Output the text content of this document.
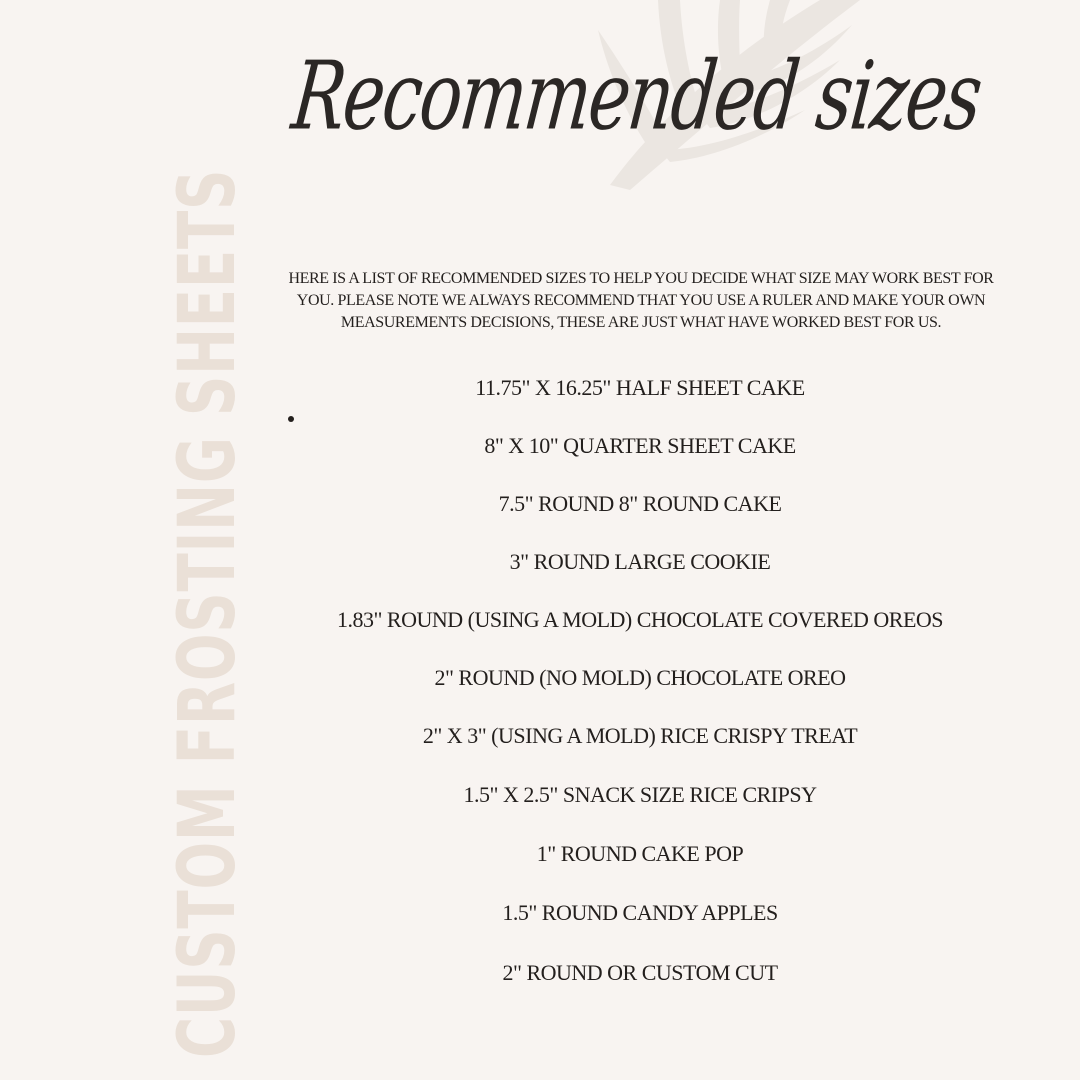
Recommended sizes
CUSTOM FROSTING SHEETS	HERE IS A LIST OF RECOMMENDED SIZES TO HELP YOU DECIDE WHAT SIZE MAY WORK BEST FOR YOU. PLEASE NOTE WE ALWAYS RECOMMEND THAT YOU USE A RULER AND MAKE YOUR OWN MEASUREMENTS DECISIONS, THESE ARE JUST WHAT HAVE WORKED BEST FOR US.

11.75" X 16.25" HALF SHEET CAKE
8" X 10" QUARTER SHEET CAKE
7.5" ROUND 8" ROUND CAKE
3" ROUND LARGE COOKIE
1.83" ROUND (USING A MOLD) CHOCOLATE COVERED OREOS
2" ROUND (NO MOLD) CHOCOLATE OREO
2" X 3" (USING A MOLD) RICE CRISPY TREAT
1.5" X 2.5" SNACK SIZE RICE CRIPSY
1" ROUND CAKE POP
1.5" ROUND CANDY APPLES
2" ROUND OR CUSTOM CUT
